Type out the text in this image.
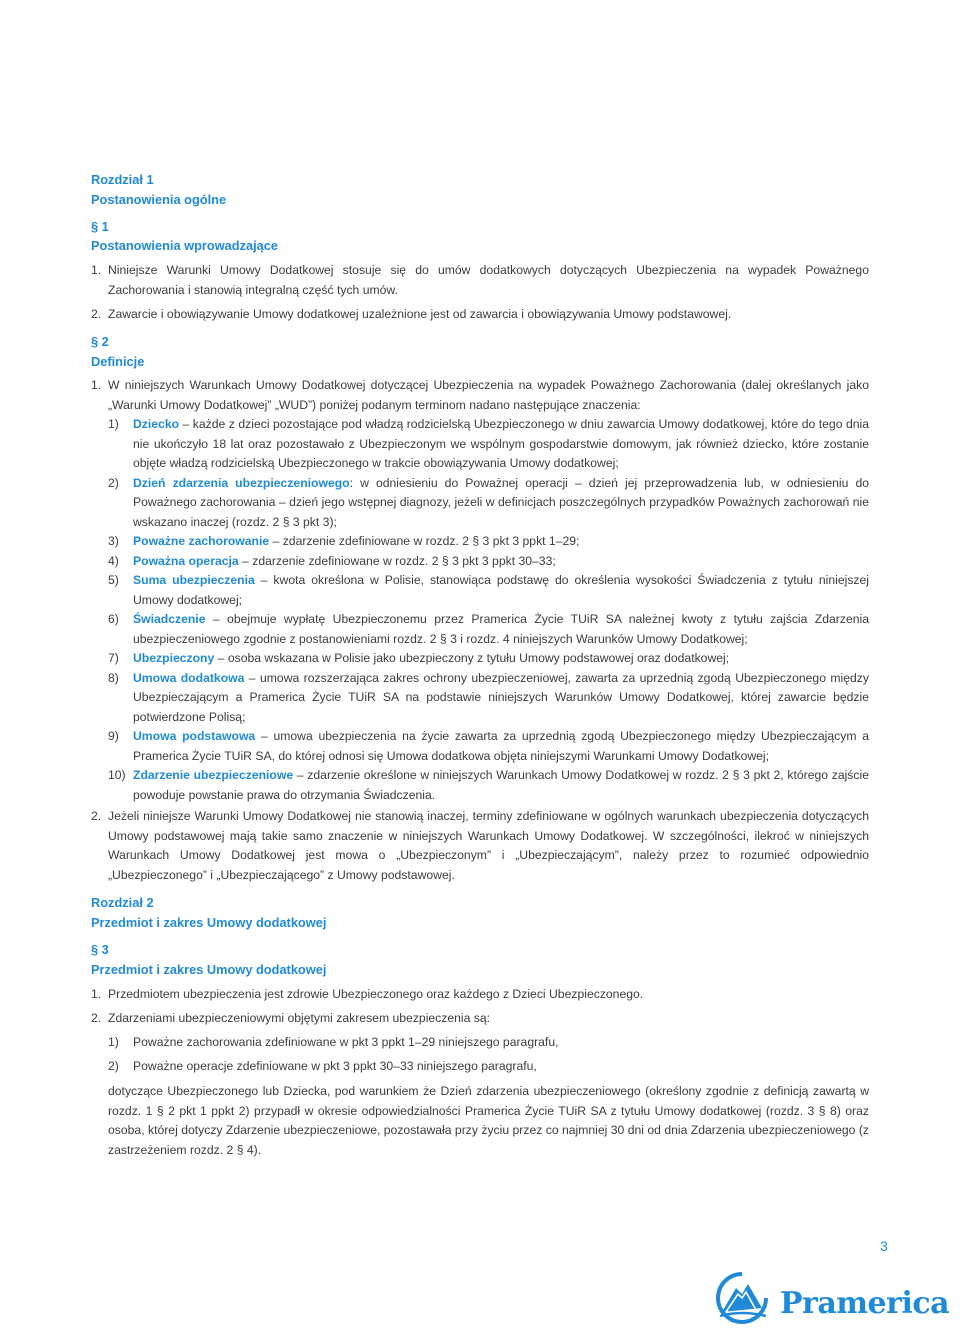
Rozdział 1
Postanowienia ogólne
§ 1
Postanowienia wprowadzające
1. Niniejsze Warunki Umowy Dodatkowej stosuje się do umów dodatkowych dotyczących Ubezpieczenia na wypadek Poważnego
Zachorowania i stanowią integralną część tych umów.
2. Zawarcie i obowiązywanie Umowy dodatkowej uzależnione jest od zawarcia i obowiązywania Umowy podstawowej.
§ 2
Definicje
1. W niniejszych Warunkach Umowy Dodatkowej dotyczącej Ubezpieczenia na wypadek Poważnego Zachorowania (dalej określanych jako
„Warunki Umowy Dodatkowej” „WUD”) poniżej podanym terminom nadano następujące znaczenia:
1) Dziecko – każde z dzieci pozostające pod władzą rodzicielską Ubezpieczonego w dniu zawarcia Umowy dodatkowej, które do tego dnia nie ukończyło 18 lat oraz pozostawało z Ubezpieczonym we wspólnym gospodarstwie domowym, jak również dziecko, które zostanie objęte władzą rodzicielską Ubezpieczonego w trakcie obowiązywania Umowy dodatkowej;
2) Dzień zdarzenia ubezpieczeniowego: w odniesieniu do Poważnej operacji – dzień jej przeprowadzenia lub, w odniesieniu do Poważnego zachorowania – dzień jego wstępnej diagnozy, jeżeli w definicjach poszczególnych przypadków Poważnych zachorowań nie wskazano inaczej (rozdz. 2 § 3 pkt 3);
3) Poważne zachorowanie – zdarzenie zdefiniowane w rozdz. 2 § 3 pkt 3 ppkt 1–29;
4) Poważna operacja – zdarzenie zdefiniowane w rozdz. 2 § 3 pkt 3 ppkt 30–33;
5) Suma ubezpieczenia – kwota określona w Polisie, stanowiąca podstawę do określenia wysokości Świadczenia z tytułu niniejszej Umowy dodatkowej;
6) Świadczenie – obejmuje wypłatę Ubezpieczonemu przez Pramerica Życie TUiR SA należnej kwoty z tytułu zajścia Zdarzenia ubezpieczeniowego zgodnie z postanowieniami rozdz. 2 § 3 i rozdz. 4 niniejszych Warunków Umowy Dodatkowej;
7) Ubezpieczony – osoba wskazana w Polisie jako ubezpieczony z tytułu Umowy podstawowej oraz dodatkowej;
8) Umowa dodatkowa – umowa rozszerzająca zakres ochrony ubezpieczeniowej, zawarta za uprzednią zgodą Ubezpieczonego między Ubezpieczającym a Pramerica Życie TUiR SA na podstawie niniejszych Warunków Umowy Dodatkowej, której zawarcie będzie potwierdzone Polisą;
9) Umowa podstawowa – umowa ubezpieczenia na życie zawarta za uprzednią zgodą Ubezpieczonego między Ubezpieczającym a Pramerica Życie TUiR SA, do której odnosi się Umowa dodatkowa objęta niniejszymi Warunkami Umowy Dodatkowej;
10) Zdarzenie ubezpieczeniowe – zdarzenie określone w niniejszych Warunkach Umowy Dodatkowej w rozdz. 2 § 3 pkt 2, którego zajście powoduje powstanie prawa do otrzymania Świadczenia.
2. Jeżeli niniejsze Warunki Umowy Dodatkowej nie stanowią inaczej, terminy zdefiniowane w ogólnych warunkach ubezpieczenia dotyczących Umowy podstawowej mają takie samo znaczenie w niniejszych Warunkach Umowy Dodatkowej. W szczególności, ilekroć w niniejszych Warunkach Umowy Dodatkowej jest mowa o „Ubezpieczonym” i „Ubezpieczającym”, należy przez to rozumieć odpowiednio „Ubezpieczonego” i „Ubezpieczającego” z Umowy podstawowej.
Rozdział 2
Przedmiot i zakres Umowy dodatkowej
§ 3
Przedmiot i zakres Umowy dodatkowej
1. Przedmiotem ubezpieczenia jest zdrowie Ubezpieczonego oraz każdego z Dzieci Ubezpieczonego.
2. Zdarzeniami ubezpieczeniowymi objętymi zakresem ubezpieczenia są:
1) Poważne zachorowania zdefiniowane w pkt 3 ppkt 1–29 niniejszego paragrafu,
2) Poważne operacje zdefiniowane w pkt 3 ppkt 30–33 niniejszego paragrafu,
dotyczące Ubezpieczonego lub Dziecka, pod warunkiem że Dzień zdarzenia ubezpieczeniowego (określony zgodnie z definicją zawartą w rozdz. 1 § 2 pkt 1 ppkt 2) przypadł w okresie odpowiedzialności Pramerica Życie TUiR SA z tytułu Umowy dodatkowej (rozdz. 3 § 8) oraz osoba, której dotyczy Zdarzenie ubezpieczeniowe, pozostawała przy życiu przez co najmniej 30 dni od dnia Zdarzenia ubezpieczeniowego (z zastrzeżeniem rozdz. 2 § 4).
3
Pramerica
